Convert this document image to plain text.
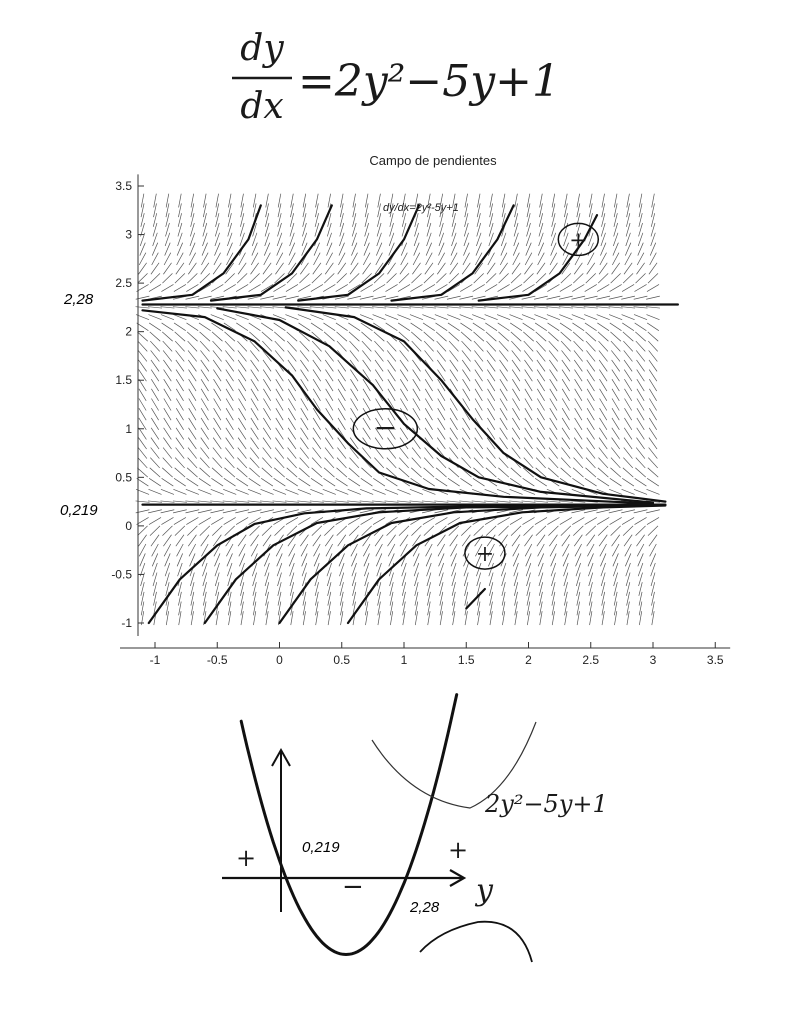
dy
dx =2y²−5y+1
Campo de pendientes
-1
-0.5
0
0.5
1
1.5
2
2.5
3
3.5
-1	-0.5	0	0.5	1	1.5	2	2.5	3	3.5
dy/dx=2y²-5y+1
+
−
+
2,28
0,219
2y²−5y+1
y
0,219
2,28
+
−
+
